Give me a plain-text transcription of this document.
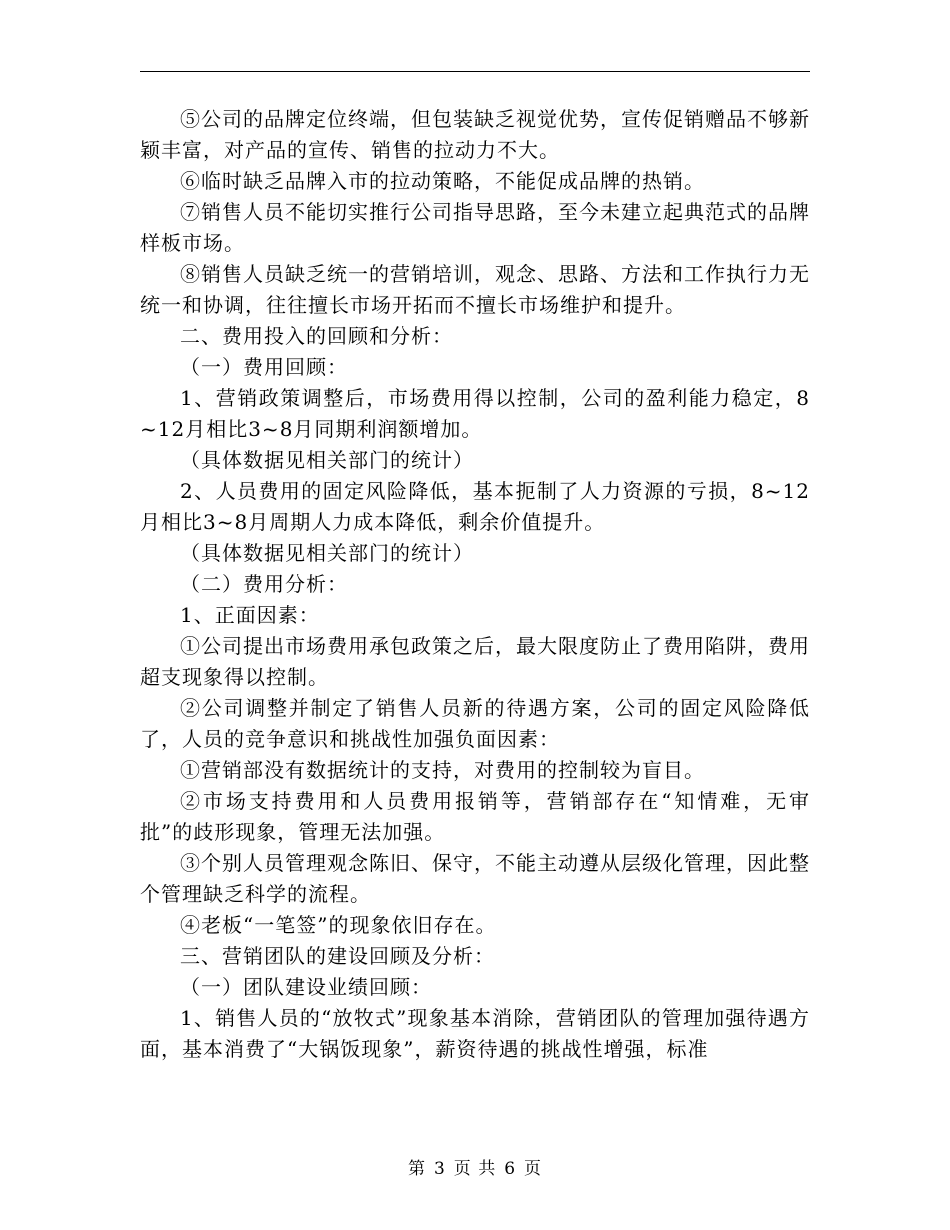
⑤公司的品牌定位终端，但包装缺乏视觉优势，宣传促销赠品不够新颖丰富，对产品的宣传、销售的拉动力不大。

⑥临时缺乏品牌入市的拉动策略，不能促成品牌的热销。

⑦销售人员不能切实推行公司指导思路，至今未建立起典范式的品牌样板市场。

⑧销售人员缺乏统一的营销培训，观念、思路、方法和工作执行力无统一和协调，往往擅长市场开拓而不擅长市场维护和提升。

二、费用投入的回顾和分析：

（一）费用回顾：

1、营销政策调整后，市场费用得以控制，公司的盈利能力稳定，8~12月相比3~8月同期利润额增加。

（具体数据见相关部门的统计）

2、人员费用的固定风险降低，基本扼制了人力资源的亏损，8~12月相比3~8月周期人力成本降低，剩余价值提升。

（具体数据见相关部门的统计）

（二）费用分析：

1、正面因素：

①公司提出市场费用承包政策之后，最大限度防止了费用陷阱，费用超支现象得以控制。

②公司调整并制定了销售人员新的待遇方案，公司的固定风险降低了，人员的竞争意识和挑战性加强负面因素：

①营销部没有数据统计的支持，对费用的控制较为盲目。

②市场支持费用和人员费用报销等，营销部存在“知情难，无审批”的歧形现象，管理无法加强。

③个别人员管理观念陈旧、保守，不能主动遵从层级化管理，因此整个管理缺乏科学的流程。

④老板“一笔签”的现象依旧存在。

三、营销团队的建设回顾及分析：

（一）团队建设业绩回顾：

1、销售人员的“放牧式”现象基本消除，营销团队的管理加强待遇方面，基本消费了“大锅饭现象”，薪资待遇的挑战性增强，标准

第 3 页 共 6 页
